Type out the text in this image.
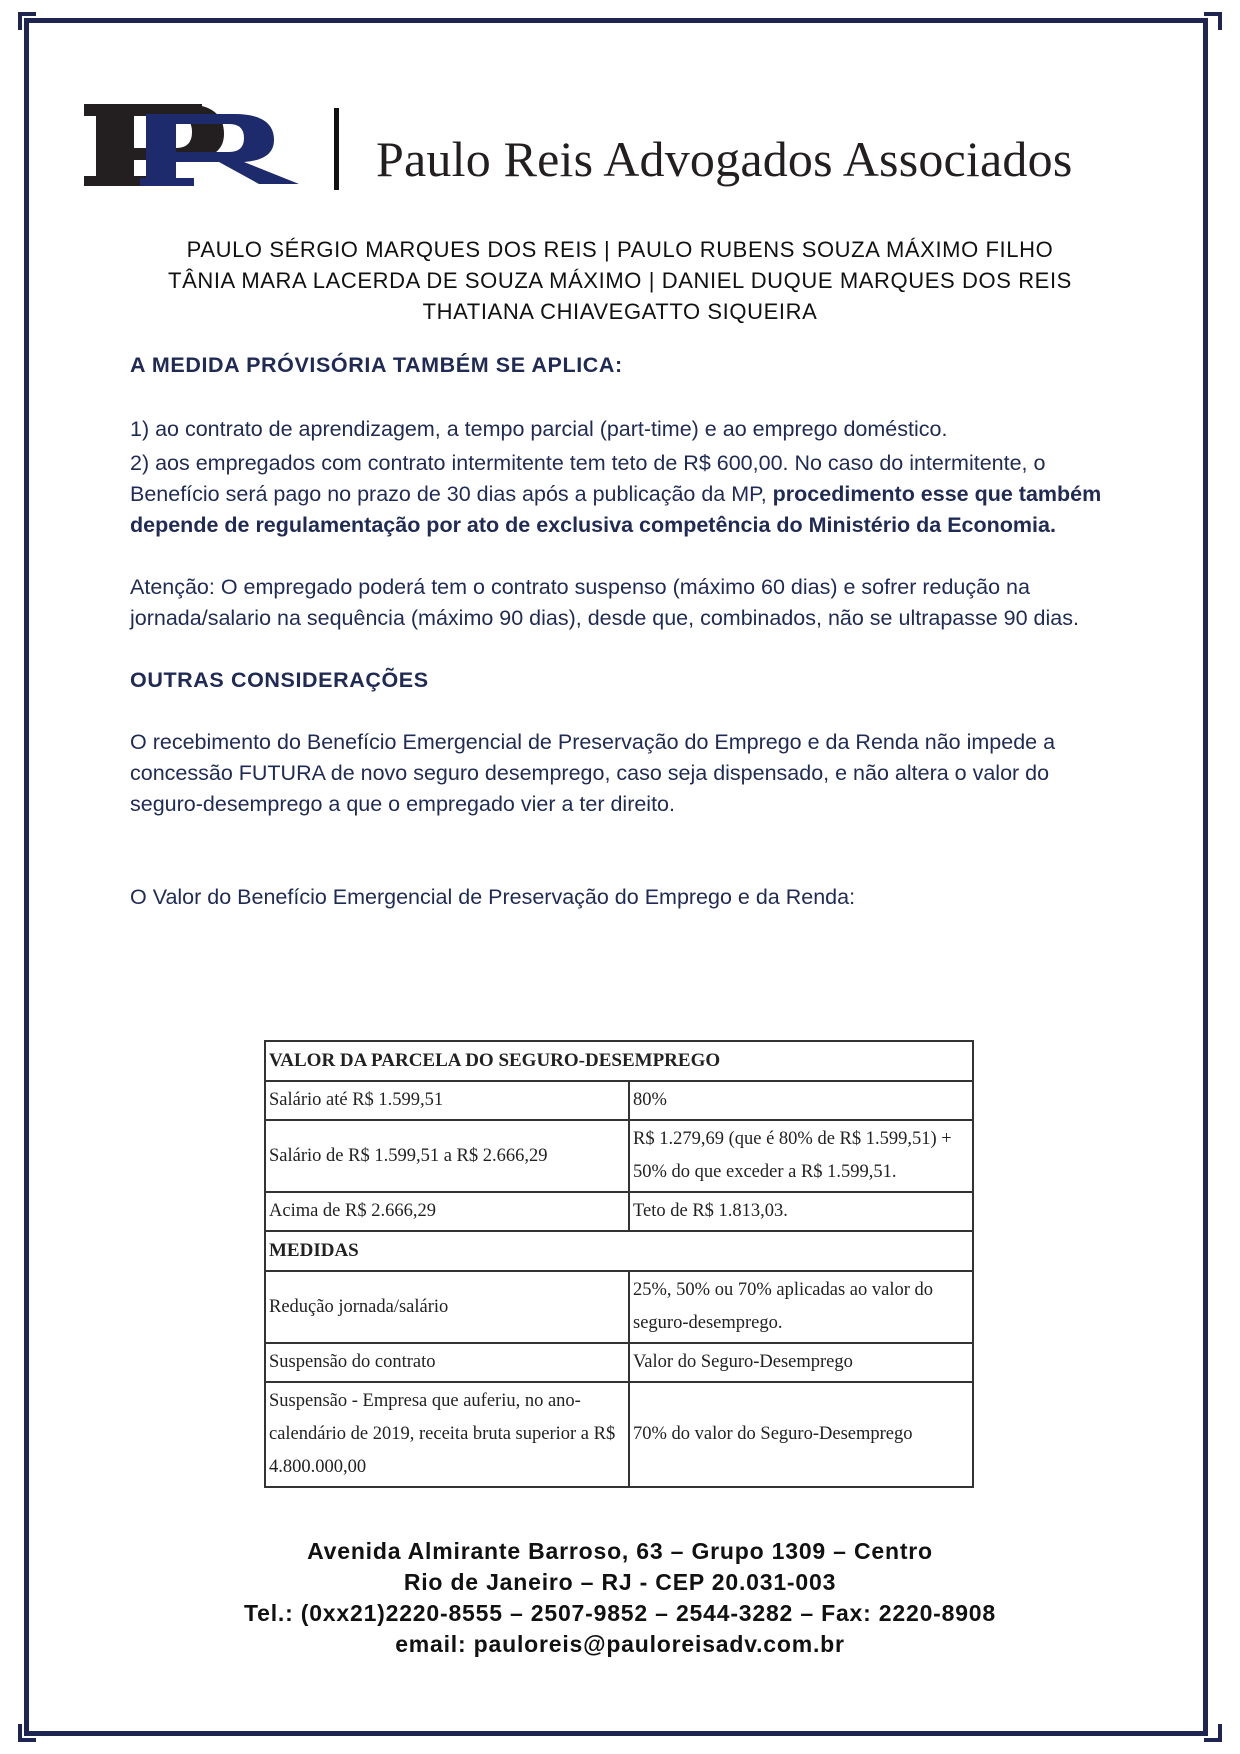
Paulo Reis Advogados Associados
PAULO SÉRGIO MARQUES DOS REIS | PAULO RUBENS SOUZA MÁXIMO FILHO
TÂNIA MARA LACERDA DE SOUZA MÁXIMO | DANIEL DUQUE MARQUES DOS REIS
THATIANA CHIAVEGATTO SIQUEIRA
A MEDIDA PRÓVISÓRIA TAMBÉM SE APLICA:

1) ao contrato de aprendizagem, a tempo parcial (part-time) e ao emprego doméstico.

2) aos empregados com contrato intermitente tem teto de R$ 600,00. No caso do intermitente, o Benefício será pago no prazo de 30 dias após a publicação da MP, procedimento esse que também depende de regulamentação por ato de exclusiva competência do Ministério da Economia.

Atenção: O empregado poderá tem o contrato suspenso (máximo 60 dias) e sofrer redução na jornada/salario na sequência (máximo 90 dias), desde que, combinados, não se ultrapasse 90 dias.

OUTRAS CONSIDERAÇÕES

O recebimento do Benefício Emergencial de Preservação do Emprego e da Renda não impede a concessão FUTURA de novo seguro desemprego, caso seja dispensado, e não altera o valor do seguro-desemprego a que o empregado vier a ter direito.

O Valor do Benefício Emergencial de Preservação do Emprego e da Renda:

VALOR DA PARCELA DO SEGURO-DESEMPREGO	
Salário até R$ 1.599,51	80%
Salário de R$ 1.599,51 a R$ 2.666,29	R$ 1.279,69 (que é 80% de R$ 1.599,51) + 50% do que exceder a R$ 1.599,51.
Acima de R$ 2.666,29	Teto de R$ 1.813,03.
MEDIDAS	
Redução jornada/salário	25%, 50% ou 70% aplicadas ao valor do seguro-desemprego.
Suspensão do contrato	Valor do Seguro-Desemprego
Suspensão - Empresa que auferiu, no ano-calendário de 2019, receita bruta superior a R$ 4.800.000,00	70% do valor do Seguro-Desemprego
Avenida Almirante Barroso, 63 – Grupo 1309 – Centro
Rio de Janeiro – RJ - CEP 20.031-003
Tel.: (0xx21)2220-8555 – 2507-9852 – 2544-3282 – Fax: 2220-8908
email: pauloreis@pauloreisadv.com.br
